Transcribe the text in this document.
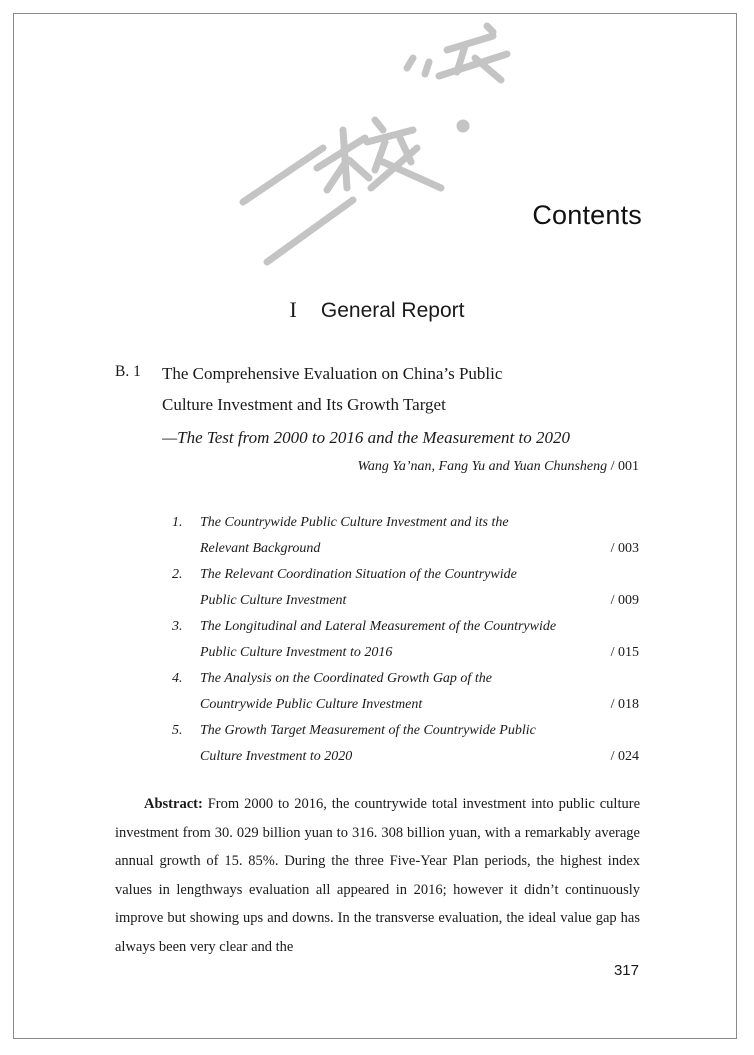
Contents
I General Report
B. 1 The Comprehensive Evaluation on China’s Public
Culture Investment and Its Growth Target
—The Test from 2000 to 2016 and the Measurement to 2020
Wang Ya’nan, Fang Yu and Yuan Chunsheng / 001
1.	The Countrywide Public Culture Investment and its the
Relevant Background	/ 003
2.	The Relevant Coordination Situation of the Countrywide
Public Culture Investment	/ 009
3.	The Longitudinal and Lateral Measurement of the Countrywide
Public Culture Investment to 2016	/ 015
4.	The Analysis on the Coordinated Growth Gap of the
Countrywide Public Culture Investment	/ 018
5.	The Growth Target Measurement of the Countrywide Public
Culture Investment to 2020	/ 024

Abstract: From 2000 to 2016, the countrywide total investment into public culture investment from 30. 029 billion yuan to 316. 308 billion yuan, with a remarkably average annual growth of 15. 85%. During the three Five-Year Plan periods, the highest index values in lengthways evaluation all appeared in 2016; however it didn’t continuously improve but showing ups and downs. In the transverse evaluation, the ideal value gap has always been very clear and the

317
